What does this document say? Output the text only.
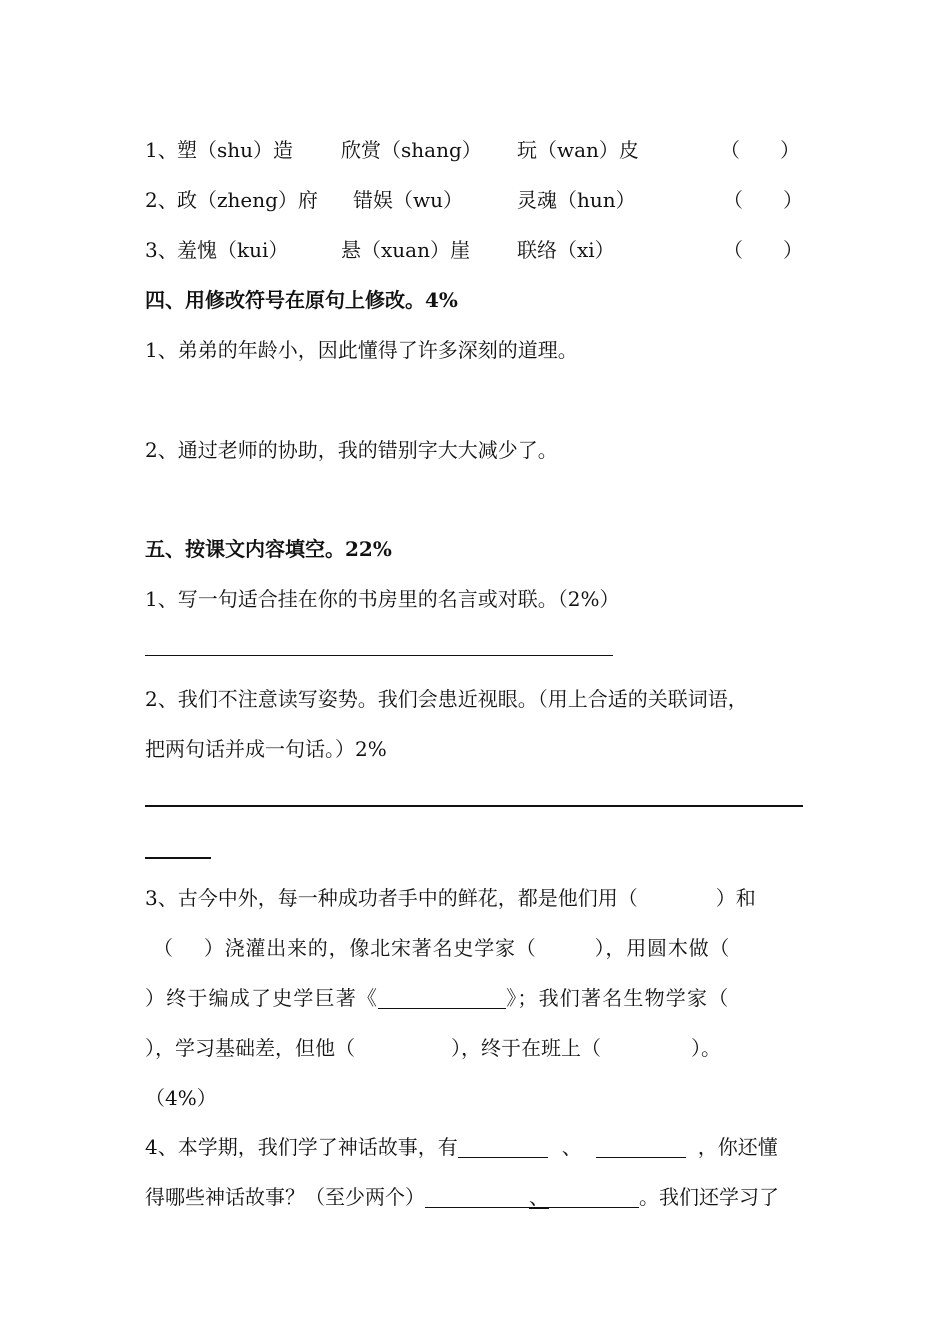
1、 塑（shu）造 欣赏（shang） 玩（wan）皮	（　　）
2、 政（zheng）府 错娱（wu）	灵魂（hun）	（　　）
3、 羞愧（kui）	悬（xuan）崖 联络（xi）	（　　）
四、用修改符号在原句上修改。4%
1、弟弟的年龄小，因此懂得了许多深刻的道理。
2、通过老师的协助，我的错别字大大减少了。
五、按课文内容填空。22%
1、写一句适合挂在你的书房里的名言或对联。（2%）
2、我们不注意读写姿势。我们会患近视眼。（用上合适的关联词语，
把两句话并成一句话。）2%
3、古今中外，每一种成功者手中的鲜花，都是他们用（	）和
（ ）浇灌出来的，像北宋著名史学家（	），用圆木做（
）终于编成了史学巨著《	》；我们著名生物学家（
），学习基础差，但他（	），终于在班上（	）。
（4%）
4、本学期，我们学了神话故事，有	、	，你还懂
得哪些神话故事？（至少两个）	、	。我们还学习了
